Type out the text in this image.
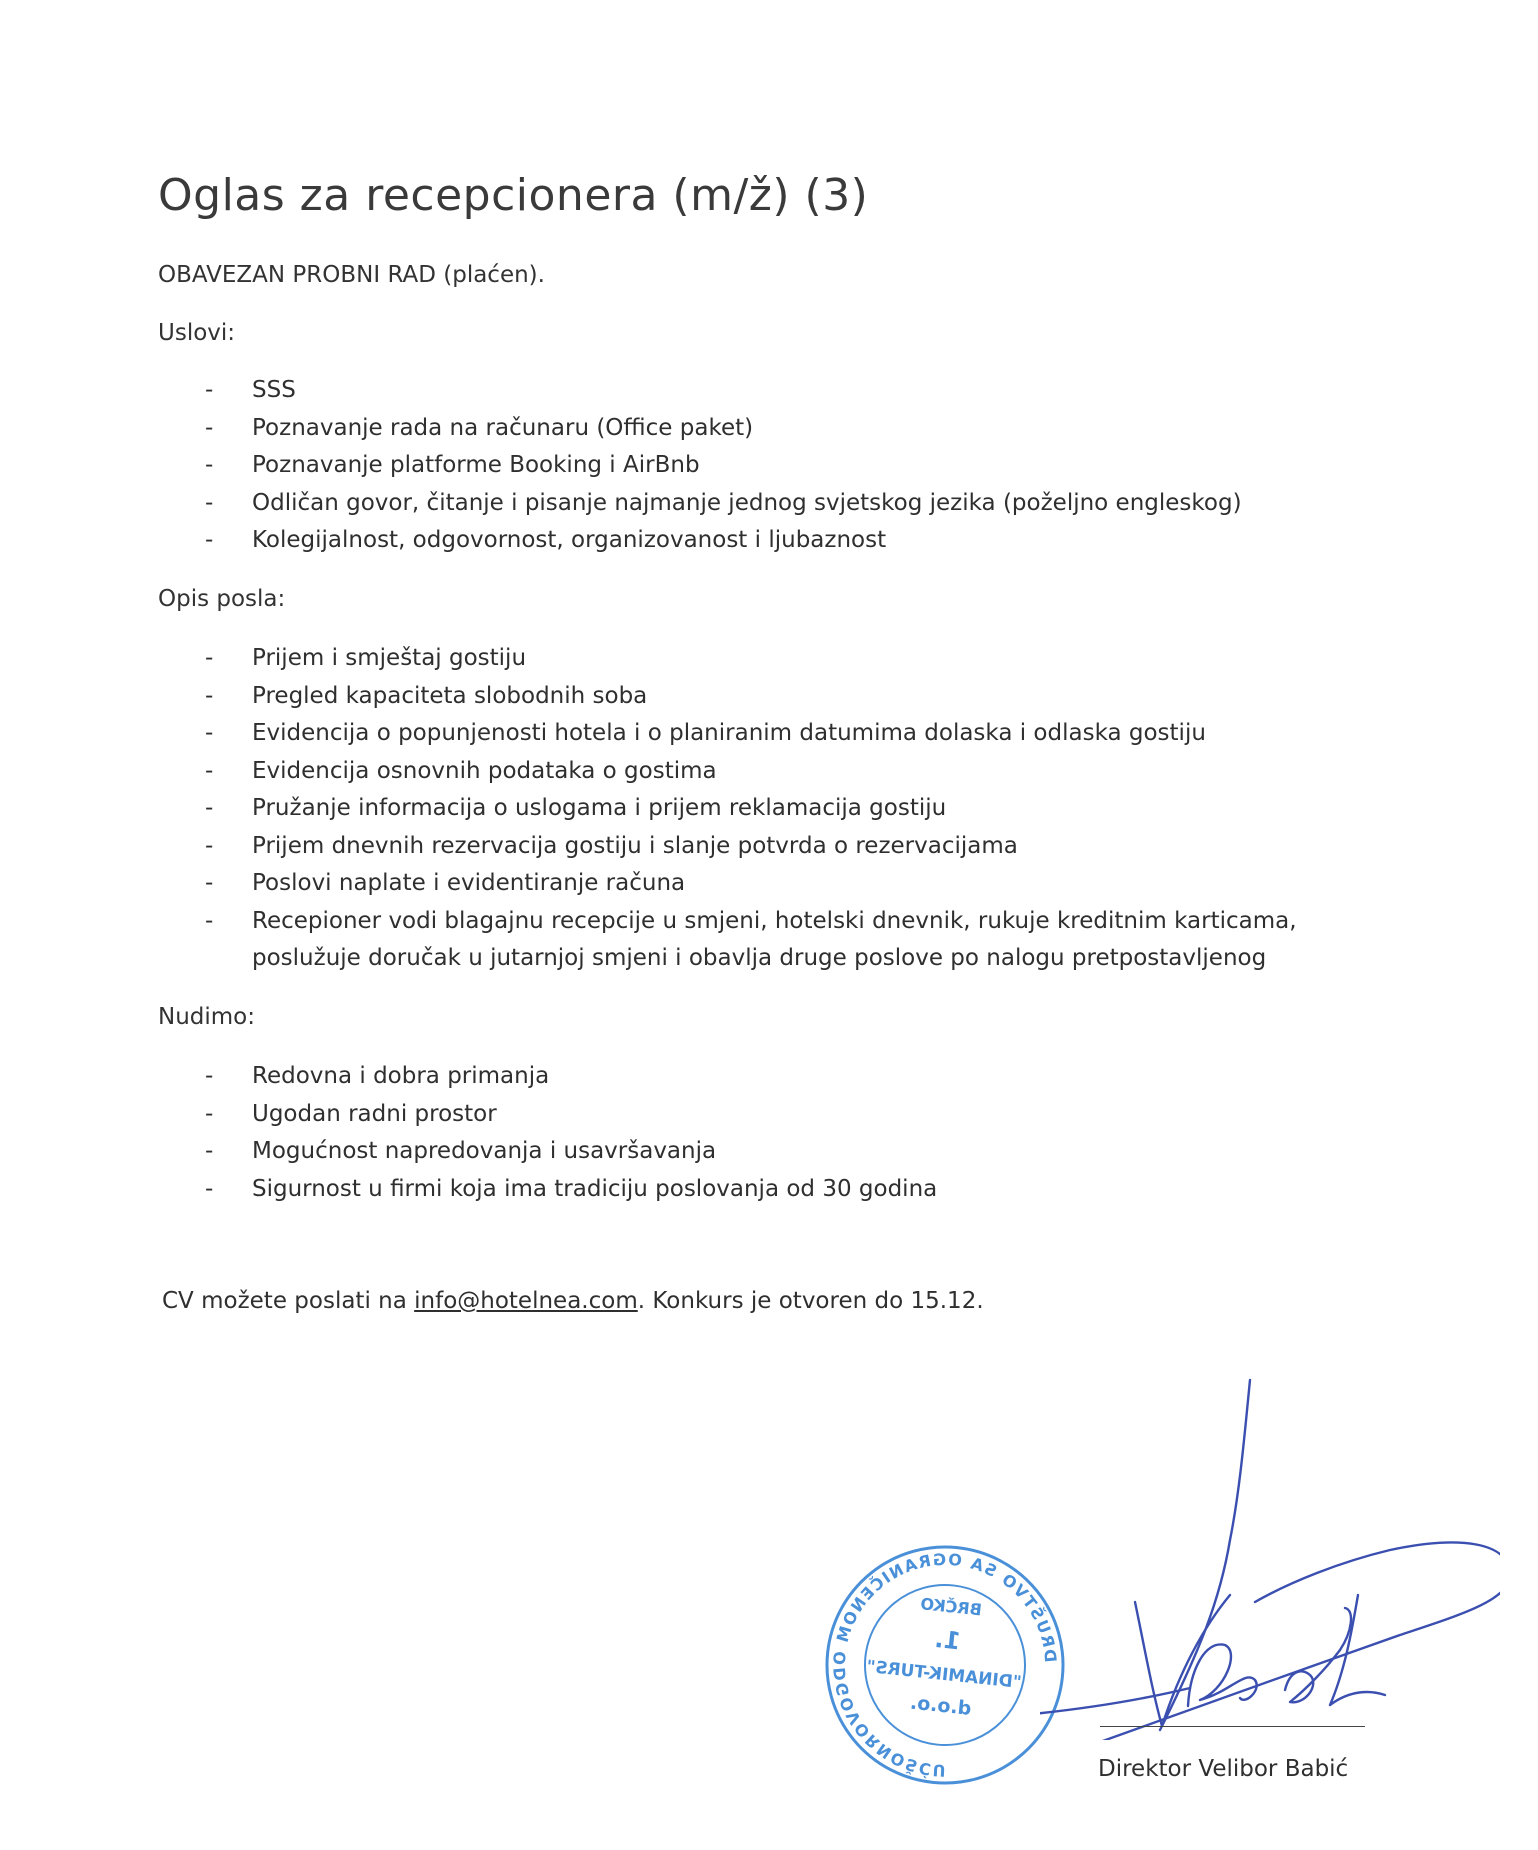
Oglas za recepcionera (m/ž) (3)
OBAVEZAN PROBNI RAD (plaćen).
Uslovi:
- SSS
- Poznavanje rada na računaru (Office paket)
- Poznavanje platforme Booking i AirBnb
- Odličan govor, čitanje i pisanje najmanje jednog svjetskog jezika (poželjno engleskog)
- Kolegijalnost, odgovornost, organizovanost i ljubaznost
Opis posla:
- Prijem i smještaj gostiju
- Pregled kapaciteta slobodnih soba
- Evidencija o popunjenosti hotela i o planiranim datumima dolaska i odlaska gostiju
- Evidencija osnovnih podataka o gostima
- Pružanje informacija o uslogama i prijem reklamacija gostiju
- Prijem dnevnih rezervacija gostiju i slanje potvrda o rezervacijama
- Poslovi naplate i evidentiranje računa
- Recepioner vodi blagajnu recepcije u smjeni, hotelski dnevnik, rukuje kreditnim karticama,
poslužuje doručak u jutarnjoj smjeni i obavlja druge poslove po nalogu pretpostavljenog
Nudimo:
- Redovna i dobra primanja
- Ugodan radni prostor
- Mogućnost napredovanja i usavršavanja
- Sigurnost u firmi koja ima tradiciju poslovanja od 30 godina
CV možete poslati na info@hotelnea.com. Konkurs je otvoren do 15.12.
DRUŠTVO SA OGRANIČENOM ODGOVORNOŠĆU
BRČKO
1.
"DINAMIK-TURS"
d.o.o.
Direktor Velibor Babić
